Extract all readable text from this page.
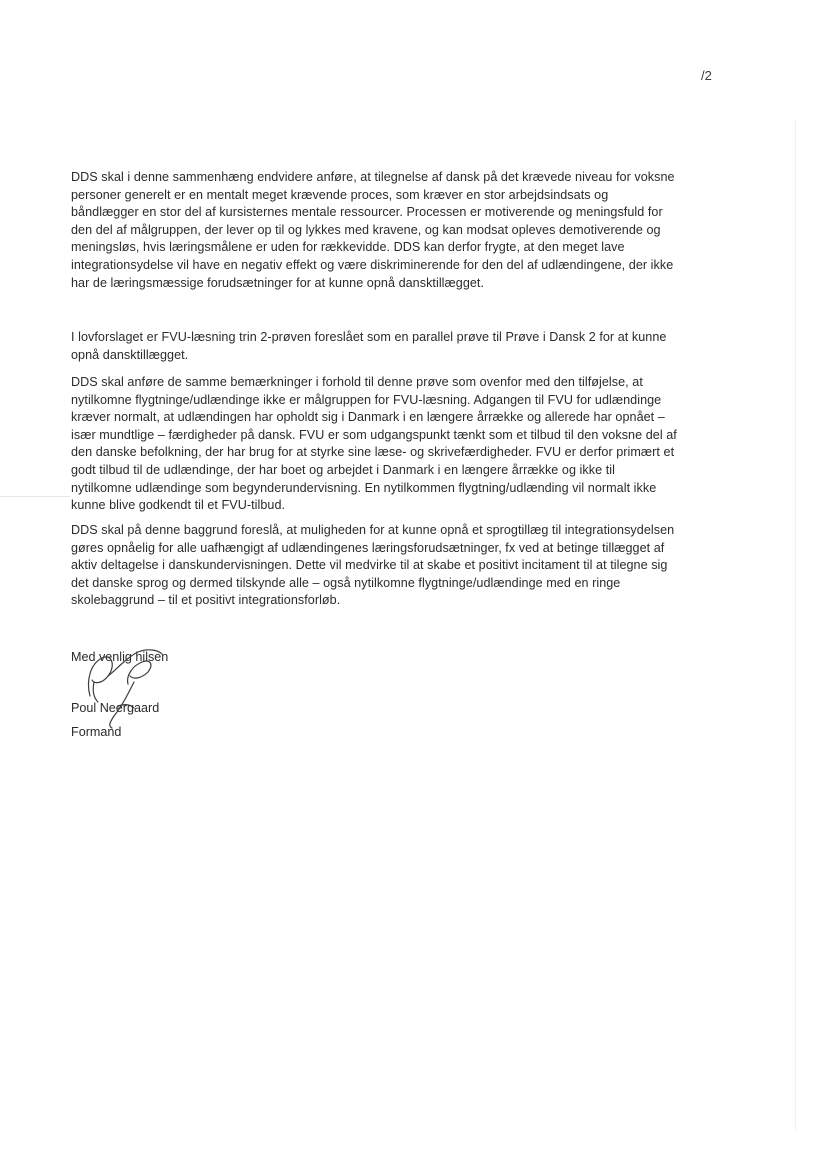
/2
DDS skal i denne sammenhæng endvidere anføre, at tilegnelse af dansk på det krævede niveau for voksne
personer generelt er en mentalt meget krævende proces, som kræver en stor arbejdsindsats og
båndlægger en stor del af kursisternes mentale ressourcer. Processen er motiverende og meningsfuld for
den del af målgruppen, der lever op til og lykkes med kravene, og kan modsat opleves demotiverende og
meningsløs, hvis læringsmålene er uden for rækkevidde. DDS kan derfor frygte, at den meget lave
integrationsydelse vil have en negativ effekt og være diskriminerende for den del af udlændingene, der ikke
har de læringsmæssige forudsætninger for at kunne opnå dansktillægget.
I lovforslaget er FVU-læsning trin 2-prøven foreslået som en parallel prøve til Prøve i Dansk 2 for at kunne
opnå dansktillægget.
DDS skal anføre de samme bemærkninger i forhold til denne prøve som ovenfor med den tilføjelse, at
nytilkomne flygtninge/udlændinge ikke er målgruppen for FVU-læsning. Adgangen til FVU for udlændinge
kræver normalt, at udlændingen har opholdt sig i Danmark i en længere årrække og allerede har opnået –
især mundtlige – færdigheder på dansk. FVU er som udgangspunkt tænkt som et tilbud til den voksne del af
den danske befolkning, der har brug for at styrke sine læse- og skrivefærdigheder. FVU er derfor primært et
godt tilbud til de udlændinge, der har boet og arbejdet i Danmark i en længere årrække og ikke til
nytilkomne udlændinge som begynderundervisning. En nytilkommen flygtning/udlænding vil normalt ikke
kunne blive godkendt til et FVU-tilbud.
DDS skal på denne baggrund foreslå, at muligheden for at kunne opnå et sprogtillæg til integrationsydelsen
gøres opnåelig for alle uafhængigt af udlændingenes læringsforudsætninger, fx ved at betinge tillægget af
aktiv deltagelse i danskundervisningen. Dette vil medvirke til at skabe et positivt incitament til at tilegne sig
det danske sprog og dermed tilskynde alle – også nytilkomne flygtninge/udlændinge med en ringe
skolebaggrund – til et positivt integrationsforløb.
Med venlig hilsen
Poul Neergaard
Formand
